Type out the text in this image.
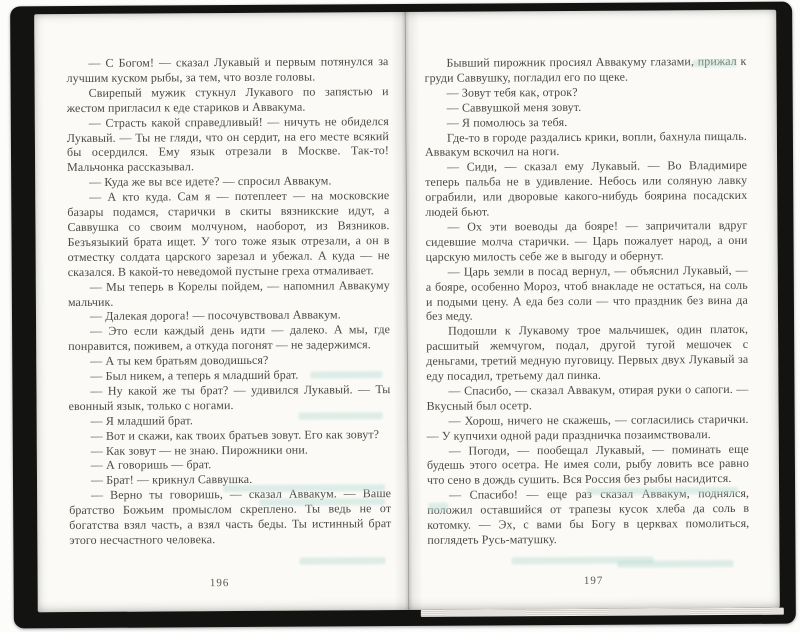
— С Богом! — сказал Лукавый и первым потянулся за лучшим куском рыбы, за тем, что возле головы.

Свирепый мужик стукнул Лукавого по запястью и жестом пригласил к еде стариков и Аввакума.

— Страсть какой справедливый! — ничуть не обиделся Лукавый. — Ты не гляди, что он сердит, на его месте всякий бы осердился. Ему язык отрезали в Москве. Так-то! Мальчонка рассказывал.

— Куда же вы все идете? — спросил Аввакум.

— А кто куда. Сам я — потеплеет — на московские базары подамся, старички в скиты вязникские идут, а Саввушка со своим молчуном, наоборот, из Вязников. Безъязыкий брата ищет. У того тоже язык отрезали, а он в отместку солдата царского зарезал и убежал. А куда — не сказался. В какой-то неведомой пустыне греха отмаливает.

— Мы теперь в Корелы пойдем, — напомнил Аввакуму мальчик.

— Далекая дорога! — посочувствовал Аввакум.

— Это если каждый день идти — далеко. А мы, где понравится, поживем, а откуда погонят — не задержимся.

— А ты кем братьям доводишься?

— Был никем, а теперь я младший брат.

— Ну какой же ты брат? — удивился Лукавый. — Ты евонный язык, только с ногами.

— Я младший брат.

— Вот и скажи, как твоих братьев зовут. Его как зовут?

— Как зовут — не знаю. Пирожники они.

— А говоришь — брат.

— Брат! — крикнул Саввушка.

— Верно ты говоришь, — сказал Аввакум. — Ваше братство Божьим промыслом скреплено. Ты ведь не от богатства взял часть, а взял часть беды. Ты истинный брат этого несчастного человека.

196

Бывший пирожник просиял Аввакуму глазами, прижал к груди Саввушку, погладил его по щеке.

— Зовут тебя как, отрок?

— Саввушкой меня зовут.

— Я помолюсь за тебя.

Где-то в городе раздались крики, вопли, бахнула пищаль. Аввакум вскочил на ноги.

— Сиди, — сказал ему Лукавый. — Во Владимире теперь пальба не в удивление. Небось или соляную лавку ограбили, или дворовые какого-нибудь боярина посадских людей бьют.

— Ох эти воеводы да бояре! — запричитали вдруг сидевшие молча старички. — Царь пожалует народ, а они царскую милость себе же в выгоду и обернут.

— Царь земли в посад вернул, — объяснил Лукавый, — а бояре, особенно Мороз, чтоб внакладе не остаться, на соль и подыми цену. А еда без соли — что праздник без вина да без меду.

Подошли к Лукавому трое мальчишек, один платок, расшитый жемчугом, подал, другой тугой мешочек с деньгами, третий медную пуговицу. Первых двух Лукавый за еду посадил, третьему дал пинка.

— Спасибо, — сказал Аввакум, отирая руки о сапоги. — Вкусный был осетр.

— Хорош, ничего не скажешь, — согласились старички. — У купчихи одной ради праздничка позаимствовали.

— Погоди, — пообещал Лукавый, — поминать еще будешь этого осетра. Не имея соли, рыбу ловить все равно что сено в дождь сушить. Вся Россия без рыбы насидится.

— Спасибо! — еще раз сказал Аввакум, поднялся, положил оставшийся от трапезы кусок хлеба да соль в котомку. — Эх, с вами бы Богу в церквах помолиться, поглядеть Русь-матушку.

197
